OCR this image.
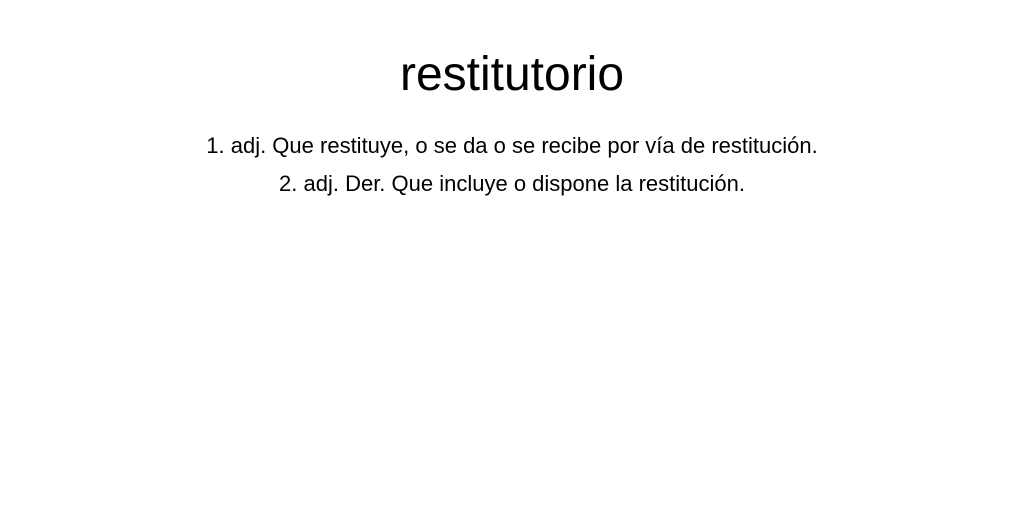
restitutorio
1. adj. Que restituye, o se da o se recibe por vía de restitución.
2. adj. Der. Que incluye o dispone la restitución.
